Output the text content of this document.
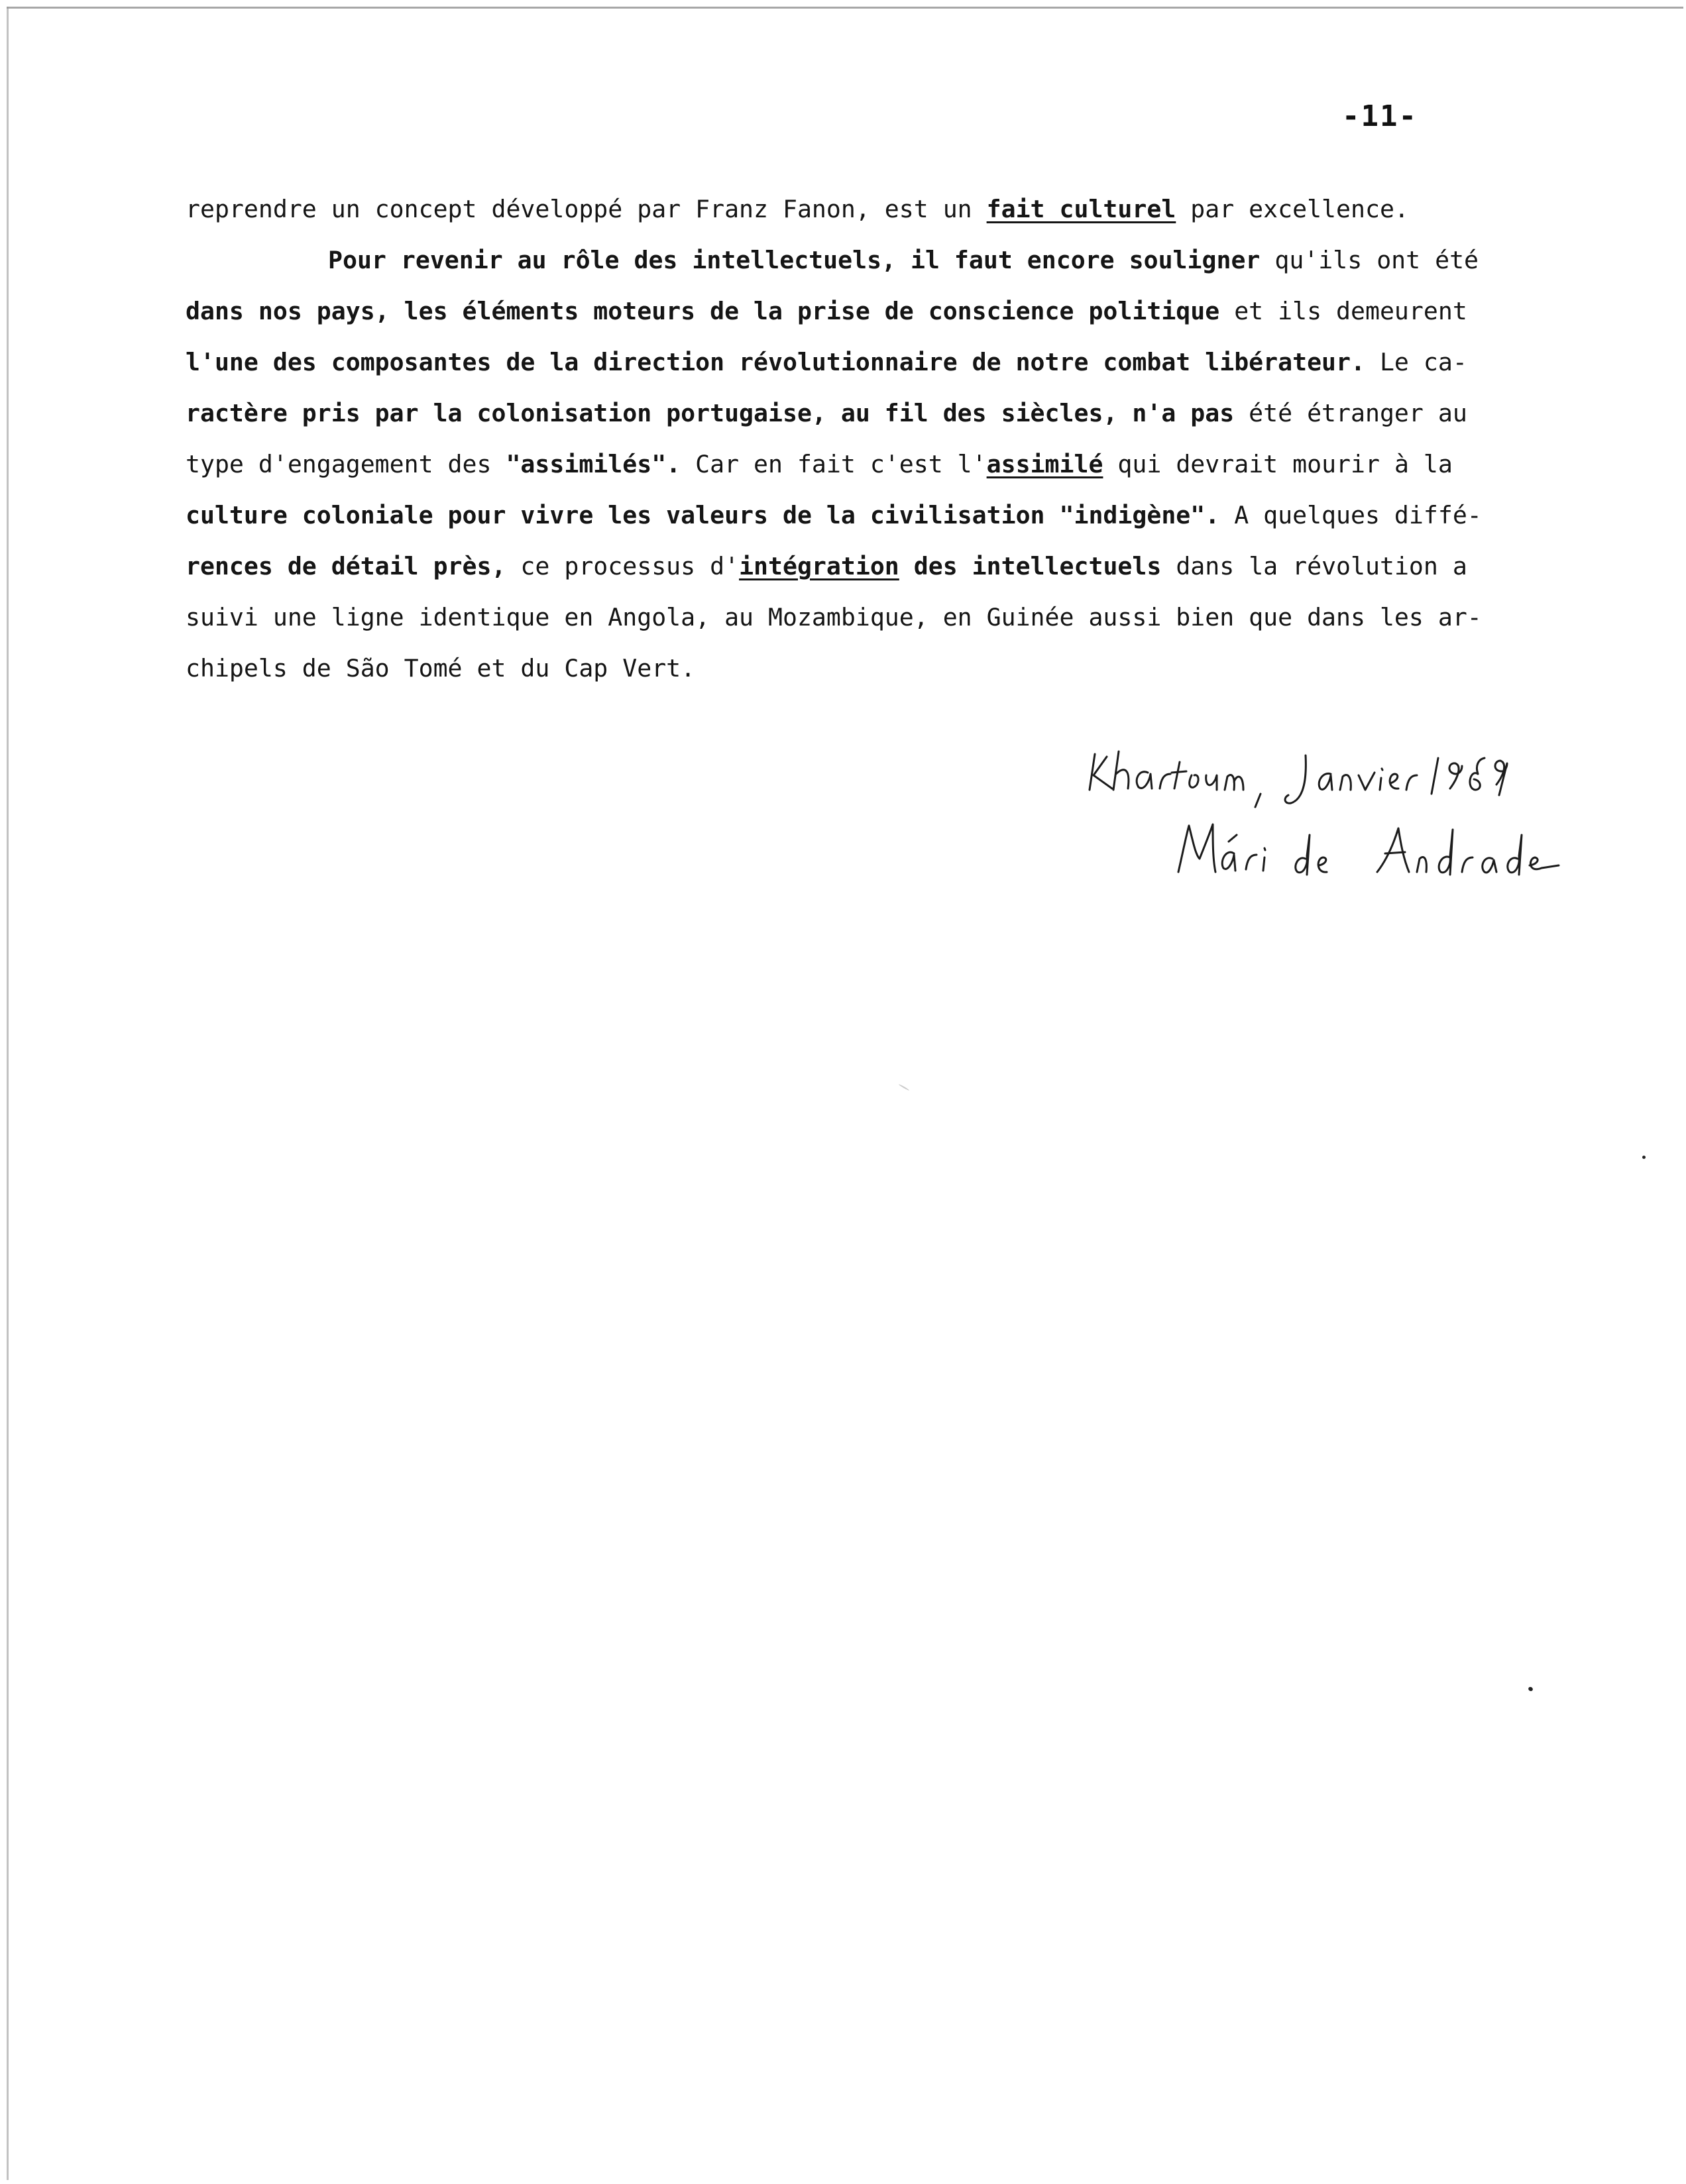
-11-
reprendre un concept développé par Franz Fanon, est un fait culturel par excellence.
Pour revenir au rôle des intellectuels, il faut encore souligner qu'ils ont été
dans nos pays, les éléments moteurs de la prise de conscience politique et ils demeurent
l'une des composantes de la direction révolutionnaire de notre combat libérateur. Le ca-
ractère pris par la colonisation portugaise, au fil des siècles, n'a pas été étranger au
type d'engagement des "assimilés". Car en fait c'est l'assimilé qui devrait mourir à la
culture coloniale pour vivre les valeurs de la civilisation "indigène". A quelques diffé-
rences de détail près, ce processus d'intégration des intellectuels dans la révolution a
suivi une ligne identique en Angola, au Mozambique, en Guinée aussi bien que dans les ar-
chipels de São Tomé et du Cap Vert.
